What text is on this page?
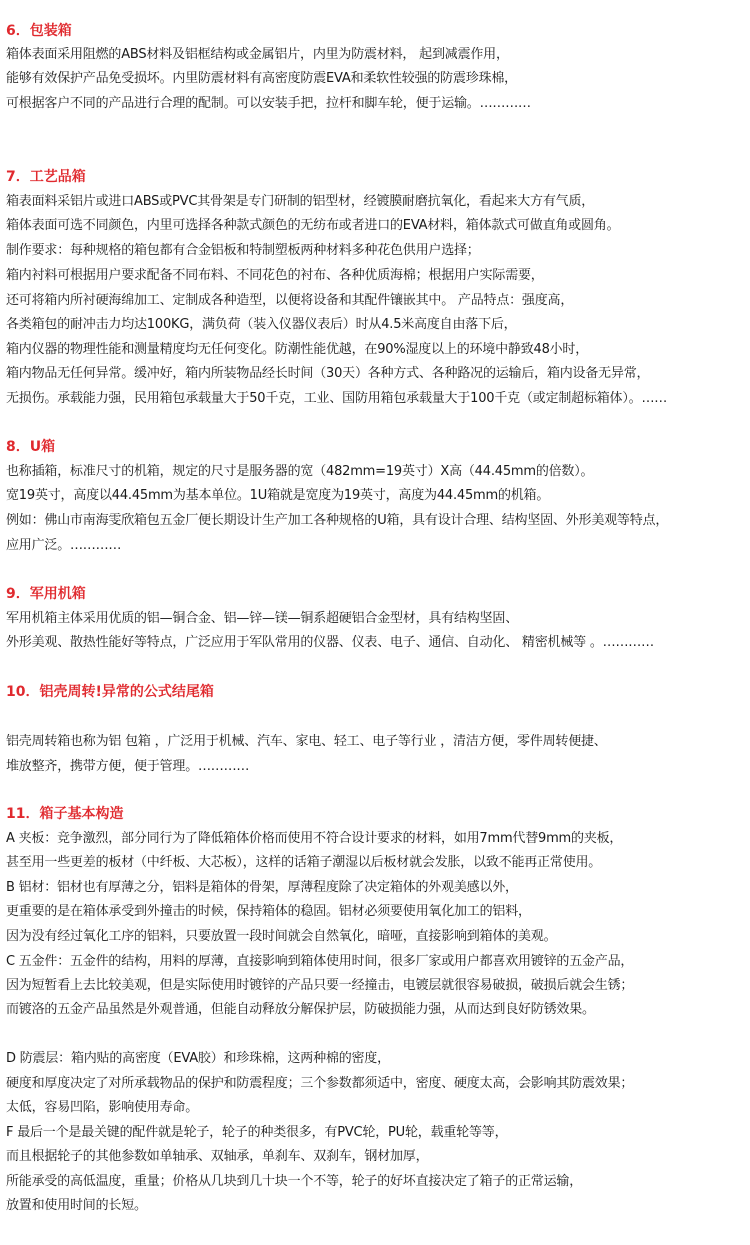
6．包装箱
箱体表面采用阻燃的ABS材料及铝框结构或金属铝片，内里为防震材料， 起到减震作用，
能够有效保护产品免受损坏。内里防震材料有高密度防震EVA和柔软性较强的防震珍珠棉，
可根据客户不同的产品进行合理的配制。可以安装手把，拉杆和脚车轮，便于运输。…………
7．工艺品箱
箱表面料采铝片或进口ABS或PVC其骨架是专门研制的铝型材，经镀膜耐磨抗氧化，看起来大方有气质，
箱体表面可选不同颜色，内里可选择各种款式颜色的无纺布或者进口的EVA材料，箱体款式可做直角或圆角。
制作要求：每种规格的箱包都有合金铝板和特制塑板两种材料多种花色供用户选择；
箱内衬料可根据用户要求配备不同布料、不同花色的衬布、各种优质海棉；根据用户实际需要，
还可将箱内所衬硬海绵加工、定制成各种造型，以便将设备和其配件镶嵌其中。 产品特点：强度高，
各类箱包的耐冲击力均达100KG，满负荷（装入仪器仪表后）时从4.5米高度自由落下后，
箱内仪器的物理性能和测量精度均无任何变化。防潮性能优越，在90%湿度以上的环境中静致48小时，
箱内物品无任何异常。缓冲好，箱内所装物品经长时间（30天）各种方式、各种路况的运输后，箱内设备无异常，
无损伤。承载能力强，民用箱包承载量大于50千克，工业、国防用箱包承载量大于100千克（或定制超标箱体）。……
8．U箱
也称插箱，标准尺寸的机箱，规定的尺寸是服务器的宽（482mm=19英寸）X高（44.45mm的倍数）。
宽19英寸，高度以44.45mm为基本单位。1U箱就是宽度为19英寸，高度为44.45mm的机箱。
例如：佛山市南海雯欣箱包五金厂便长期设计生产加工各种规格的U箱，具有设计合理、结构坚固、外形美观等特点，
应用广泛。…………
9．军用机箱
军用机箱主体采用优质的铝—铜合金、铝—锌—镁—铜系超硬铝合金型材，具有结构坚固、
外形美观、散热性能好等特点，广泛应用于军队常用的仪器、仪表、电子、通信、自动化、 精密机械等 。…………
10．铝壳周转!异常的公式结尾箱
铝壳周转箱也称为铝 包箱 ，广泛用于机械、汽车、家电、轻工、电子等行业 ，清洁方便，零件周转便捷、
堆放整齐，携带方便，便于管理。…………
11．箱子基本构造
A 夹板：竞争激烈，部分同行为了降低箱体价格而使用不符合设计要求的材料，如用7mm代替9mm的夹板，
甚至用一些更差的板材（中纤板、大芯板），这样的话箱子潮湿以后板材就会发胀，以致不能再正常使用。
B 铝材：铝材也有厚薄之分，铝料是箱体的骨架，厚薄程度除了决定箱体的外观美感以外，
更重要的是在箱体承受到外撞击的时候，保持箱体的稳固。铝材必须要使用氧化加工的铝料，
因为没有经过氧化工序的铝料，只要放置一段时间就会自然氧化，暗哑，直接影响到箱体的美观。
C 五金件：五金件的结构，用料的厚薄，直接影响到箱体使用时间，很多厂家或用户都喜欢用镀锌的五金产品，
因为短暂看上去比较美观，但是实际使用时镀锌的产品只要一经撞击，电镀层就很容易破损，破损后就会生锈；
而镀洛的五金产品虽然是外观普通，但能自动释放分解保护层，防破损能力强，从而达到良好防锈效果。
D 防震层：箱内贴的高密度（EVA胶）和珍珠棉，这两种棉的密度，
硬度和厚度决定了对所承载物品的保护和防震程度；三个参数都须适中，密度、硬度太高，会影响其防震效果；
太低，容易凹陷，影响使用寿命。
F 最后一个是最关键的配件就是轮子，轮子的种类很多，有PVC轮，PU轮，载重轮等等，
而且根据轮子的其他参数如单轴承、双轴承，单刹车、双刹车，钢材加厚，
所能承受的高低温度，重量；价格从几块到几十块一个不等，轮子的好坏直接决定了箱子的正常运输，
放置和使用时间的长短。
